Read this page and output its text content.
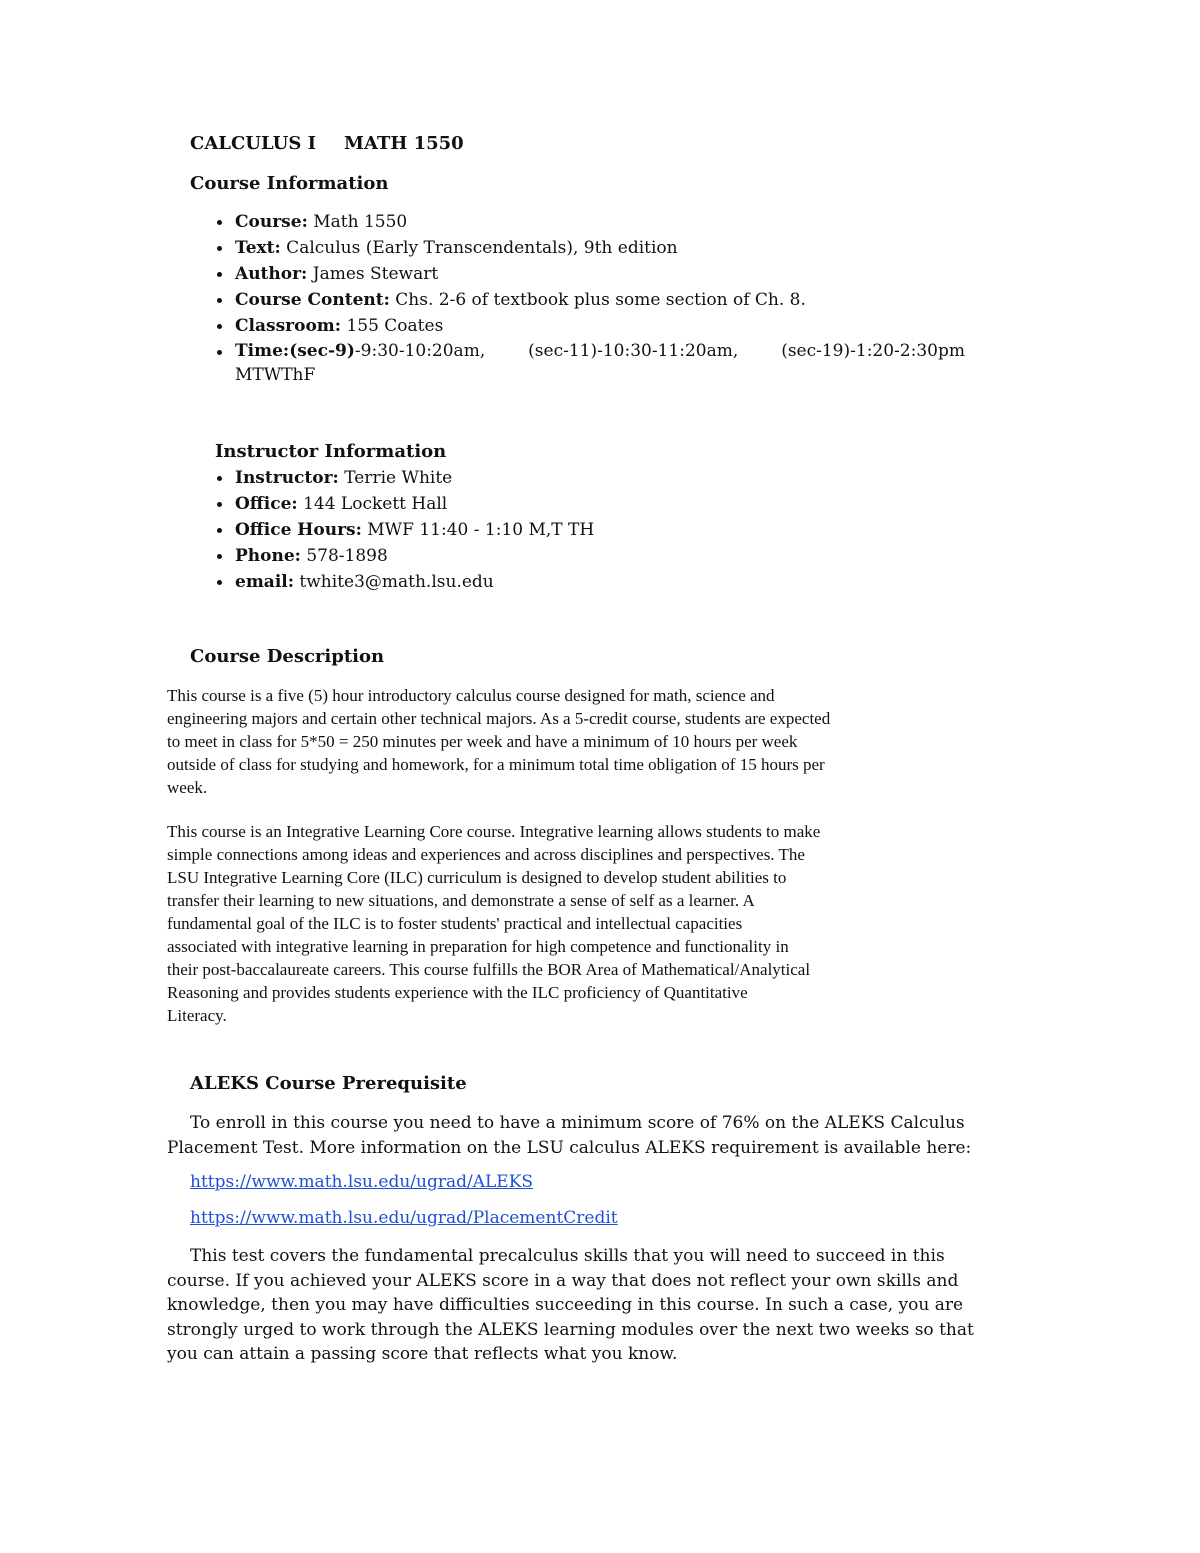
CALCULUS I MATH 1550
Course Information
Course: Math 1550
Text: Calculus (Early Transcendentals), 9th edition
Author: James Stewart
Course Content: Chs. 2-6 of textbook plus some section of Ch. 8.
Classroom: 155 Coates
Time:(sec-9)-9:30-10:20am,	(sec-11)-10:30-11:20am,	(sec-19)-1:20-2:30pm
MTWThF
Instructor Information
Instructor: Terrie White
Office: 144 Lockett Hall
Office Hours: MWF 11:40 - 1:10 M,T TH
Phone: 578-1898
email: twhite3@math.lsu.edu
Course Description
This course is a five (5) hour introductory calculus course designed for math, science and
engineering majors and certain other technical majors. As a 5-credit course, students are expected
to meet in class for 5*50 = 250 minutes per week and have a minimum of 10 hours per week
outside of class for studying and homework, for a minimum total time obligation of 15 hours per
week.
This course is an Integrative Learning Core course. Integrative learning allows students to make
simple connections among ideas and experiences and across disciplines and perspectives. The
LSU Integrative Learning Core (ILC) curriculum is designed to develop student abilities to
transfer their learning to new situations, and demonstrate a sense of self as a learner. A
fundamental goal of the ILC is to foster students' practical and intellectual capacities
associated with integrative learning in preparation for high competence and functionality in
their post-baccalaureate careers. This course fulfills the BOR Area of Mathematical/Analytical
Reasoning and provides students experience with the ILC proficiency of Quantitative
Literacy.
ALEKS Course Prerequisite
To enroll in this course you need to have a minimum score of 76% on the ALEKS Calculus
Placement Test. More information on the LSU calculus ALEKS requirement is available here:
https://www.math.lsu.edu/ugrad/ALEKS
https://www.math.lsu.edu/ugrad/PlacementCredit
This test covers the fundamental precalculus skills that you will need to succeed in this
course. If you achieved your ALEKS score in a way that does not reflect your own skills and
knowledge, then you may have difficulties succeeding in this course. In such a case, you are
strongly urged to work through the ALEKS learning modules over the next two weeks so that
you can attain a passing score that reflects what you know.
